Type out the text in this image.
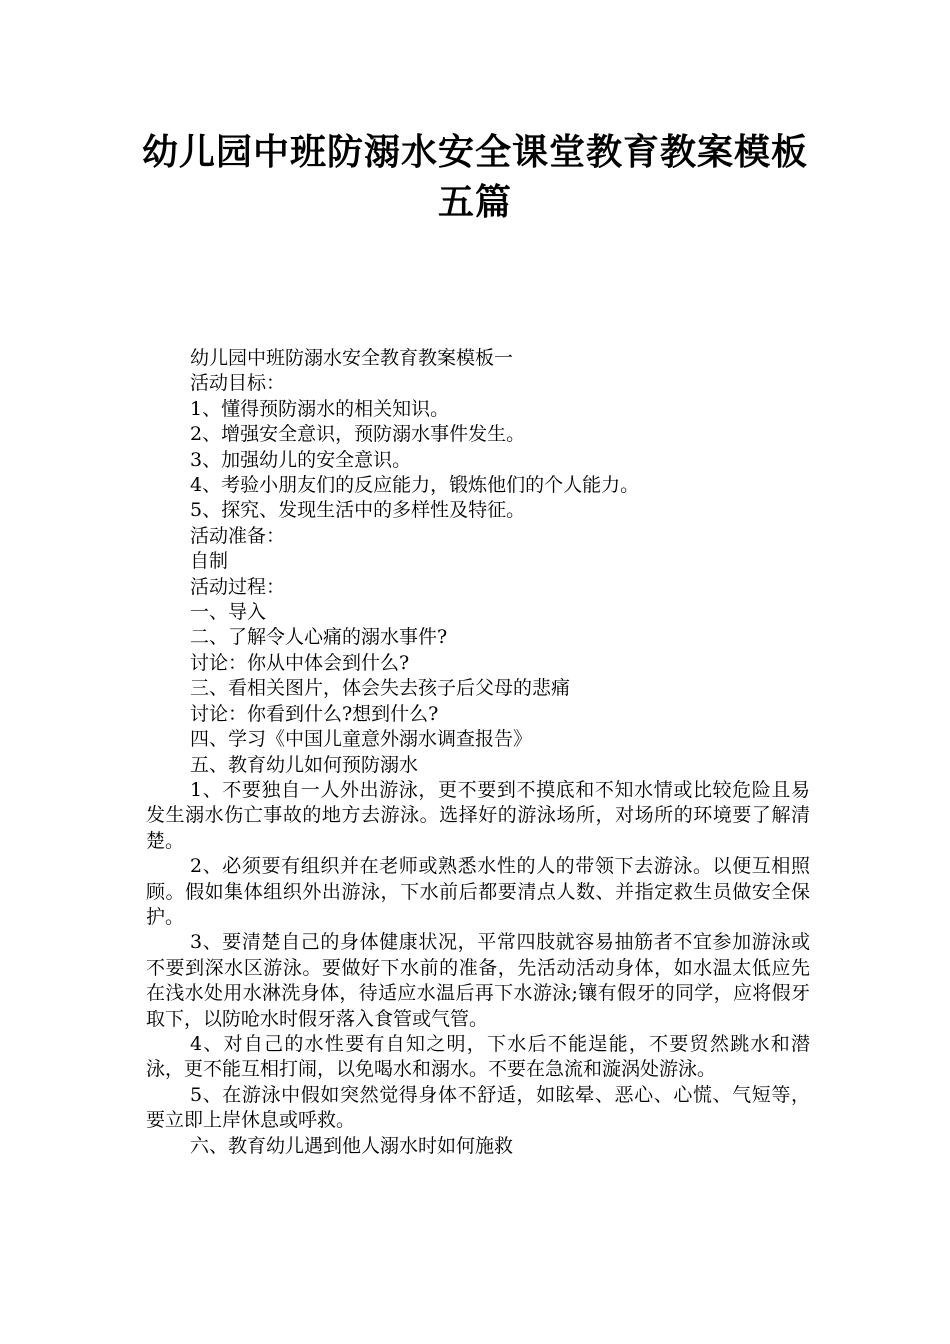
幼儿园中班防溺水安全课堂教育教案模板五篇

幼儿园中班防溺水安全教育教案模板一

活动目标：

1、懂得预防溺水的相关知识。

2、增强安全意识，预防溺水事件发生。

3、加强幼儿的安全意识。

4、考验小朋友们的反应能力，锻炼他们的个人能力。

5、探究、发现生活中的多样性及特征。

活动准备：

自制

活动过程：

一、导入

二、了解令人心痛的溺水事件?

讨论：你从中体会到什么?

三、看相关图片，体会失去孩子后父母的悲痛

讨论：你看到什么?想到什么?

四、学习《中国儿童意外溺水调查报告》

五、教育幼儿如何预防溺水

1、不要独自一人外出游泳，更不要到不摸底和不知水情或比较危险且易发生溺水伤亡事故的地方去游泳。选择好的游泳场所，对场所的环境要了解清楚。

2、必须要有组织并在老师或熟悉水性的人的带领下去游泳。以便互相照顾。假如集体组织外出游泳，下水前后都要清点人数、并指定救生员做安全保护。

3、要清楚自己的身体健康状况，平常四肢就容易抽筋者不宜参加游泳或不要到深水区游泳。要做好下水前的准备，先活动活动身体，如水温太低应先在浅水处用水淋洗身体，待适应水温后再下水游泳;镶有假牙的同学，应将假牙取下，以防呛水时假牙落入食管或气管。

4、对自己的水性要有自知之明，下水后不能逞能，不要贸然跳水和潜泳，更不能互相打闹，以免喝水和溺水。不要在急流和漩涡处游泳。

5、在游泳中假如突然觉得身体不舒适，如眩晕、恶心、心慌、气短等，要立即上岸休息或呼救。

六、教育幼儿遇到他人溺水时如何施救
